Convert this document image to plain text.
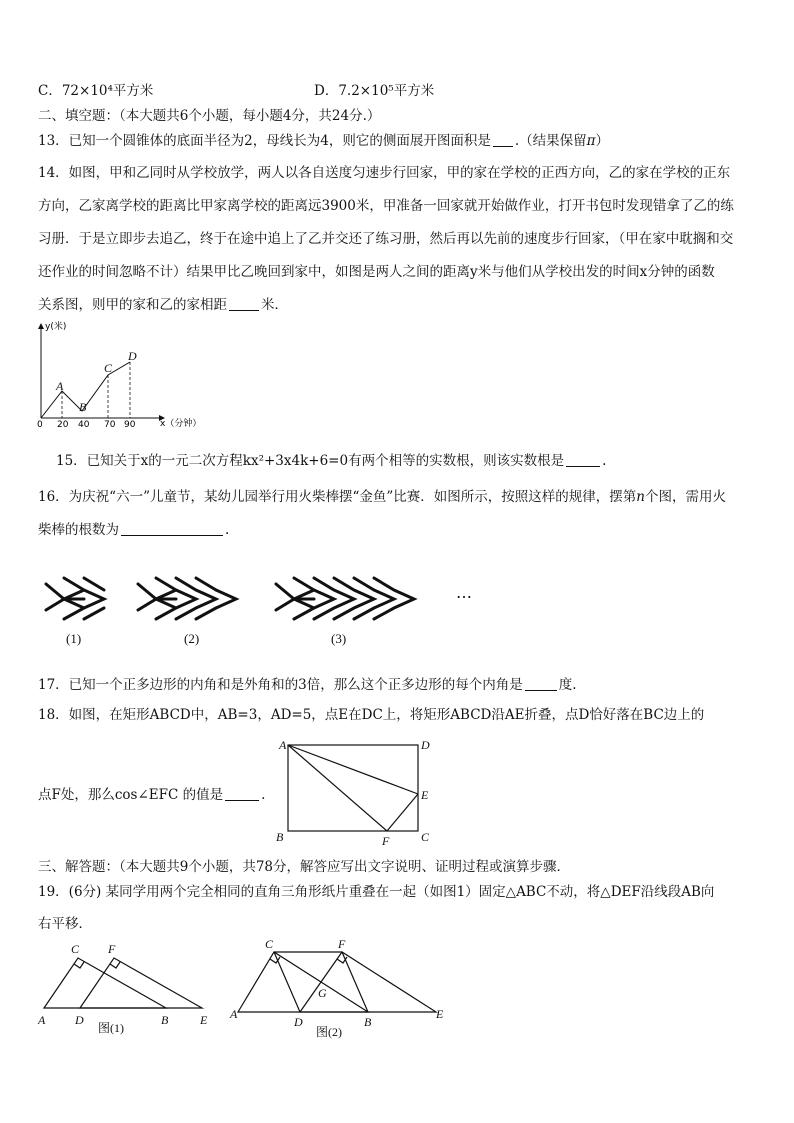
C．72×10⁴平方米	D．7.2×10⁵平方米
二、填空题：（本大题共6个小题，每小题4分，共24分.）
13．已知一个圆锥体的底面半径为2，母线长为4，则它的侧面展开图面积是 .（结果保留π）
14．如图，甲和乙同时从学校放学，两人以各自送度匀速步行回家，甲的家在学校的正西方向，乙的家在学校的正东
方向，乙家离学校的距离比甲家离学校的距离远3900米，甲准备一回家就开始做作业，打开书包时发现错拿了乙的练
习册．于是立即步去追乙，终于在途中追上了乙并交还了练习册，然后再以先前的速度步行回家，（甲在家中耽搁和交
还作业的时间忽略不计）结果甲比乙晚回到家中，如图是两人之间的距离y米与他们从学校出发的时间x分钟的函数
关系图，则甲的家和乙的家相距	米．
y(米)
x（分钟）
0 20 40 70 90
A
B
C
D
15．已知关于x的一元二次方程kx²+3x4k+6=0有两个相等的实数根，则该实数根是	.
16．为庆祝“六一”儿童节，某幼儿园举行用火柴棒摆“金鱼”比赛．如图所示，按照这样的规律，摆第n个图，需用火
柴棒的根数为	.
…
(1)	(2)	(3)
17．已知一个正多边形的内角和是外角和的3倍，那么这个正多边形的每个内角是	度.
18．如图，在矩形ABCD中，AB=3，AD=5，点E在DC上，将矩形ABCD沿AE折叠，点D恰好落在BC边上的
点F处，那么cos∠EFC 的值是	.
A	D
E
B	F	C
三、解答题：（本大题共9个小题，共78分，解答应写出文字说明、证明过程或演算步骤．
19．(6分) 某同学用两个完全相同的直角三角形纸片重叠在一起（如图1）固定△ABC不动，将△DEF沿线段AB向
右平移．
C F
A D	B	E
图(1)
C	F
G
A
D	B
E
图(2)
